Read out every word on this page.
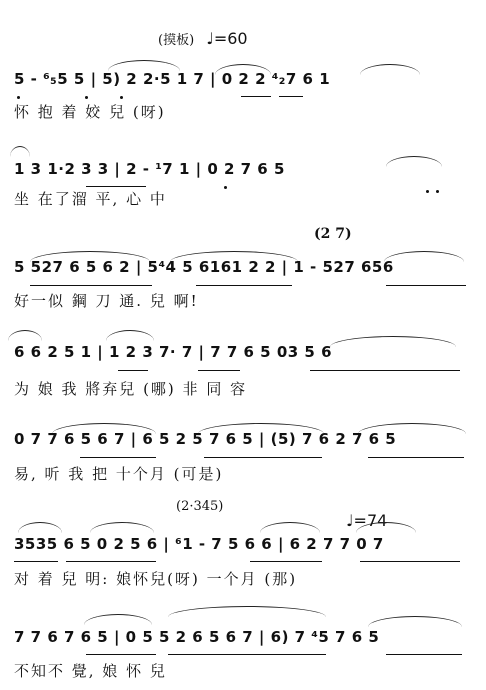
(摸板) ♩=60
(2 7)
(2·345)
♩=74
5 - ⁶₅5 5 | 5) 2 2·5 1 7 | 0 2 2 ⁴₂7 6 1
怀 抱 着 姣 兒 (呀)
1 3 1·2 3 3 | 2 - ¹7 1 | 0 2 7 6 5
坐 在了溜 平, 心 中
5 527 6 5 6 2 | 5⁴4 5 6161 2 2 | 1 - 527 656
好一似 鋼 刀 通. 兒 啊!
6 6 2 5 1 | 1 2 3 7· 7 | 7 7 6 5 03 5 6
为 娘 我 將弃兒 (哪) 非 同 容
0 7 7 6 5 6 7 | 6 5 2 5 7 6 5 | (5) 7 6 2 7 6 5
易, 听 我 把 十个月 (可是)
3535 6 5 0 2 5 6 | ⁶1 - 7 5 6 6 | 6 2 7 7 0 7
对 着 兒 明: 娘怀兒(呀) 一个月 (那)
7 7 6 7 6 5 | 0 5 5 2 6 5 6 7 | 6) 7 ⁴5 7 6 5
不知不 覺, 娘 怀 兒
